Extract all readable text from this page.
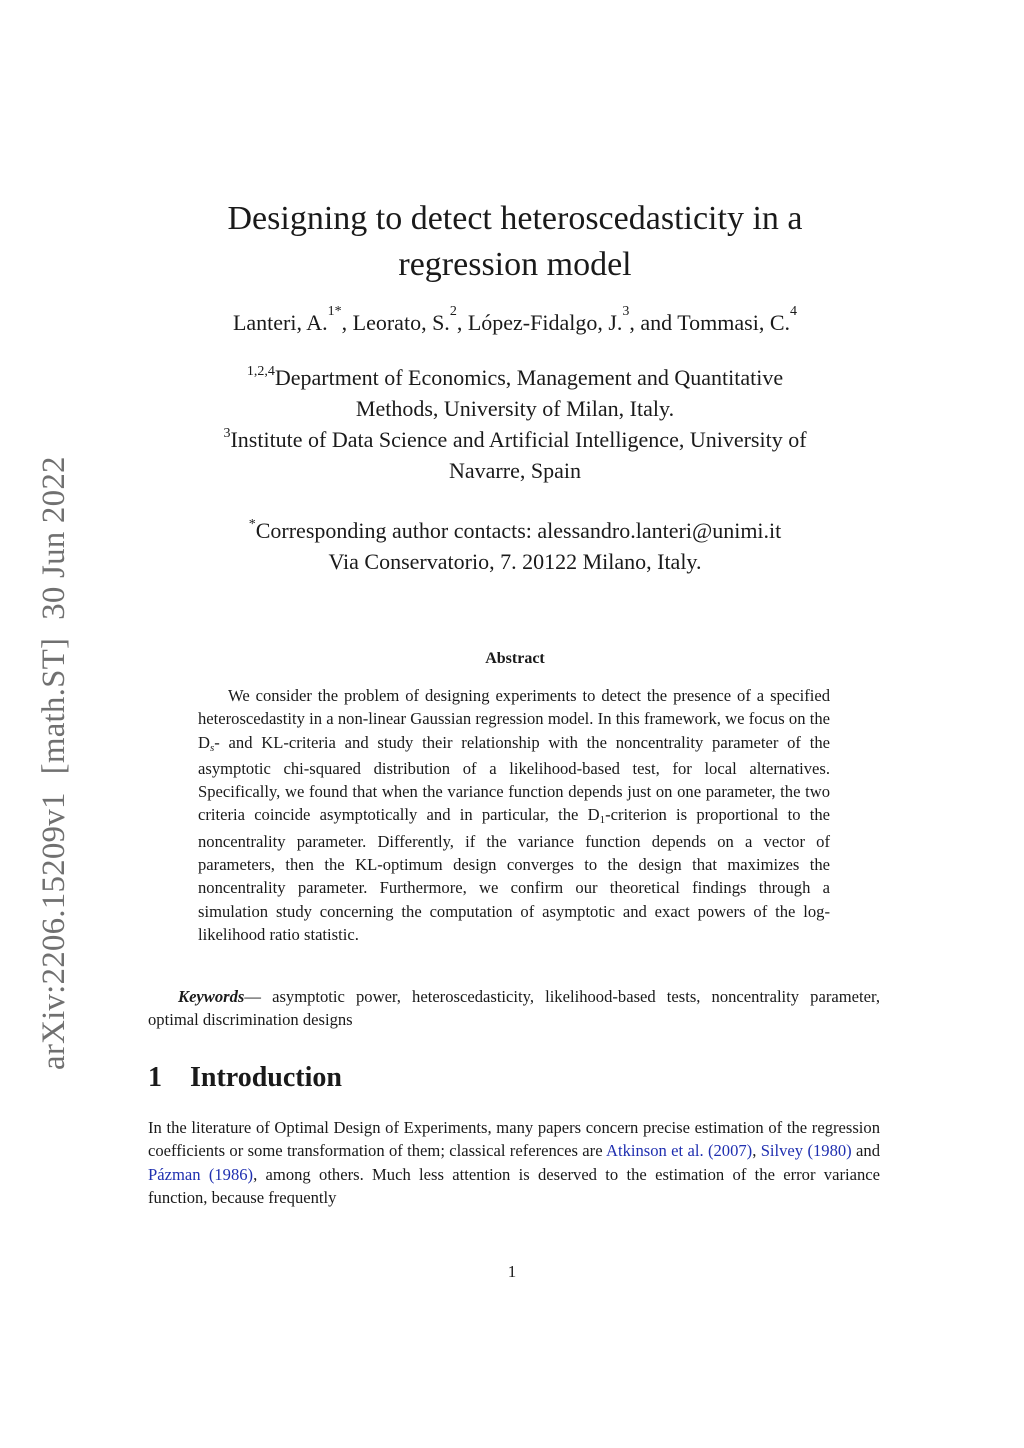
arXiv:2206.15209v1[math.ST]30 Jun 2022
Designing to detect heteroscedasticity in a
regression model
Lanteri, A.$^{1*}$, Leorato, S.$^2$, López-Fidalgo, J.$^3$, and Tommasi, C.$^4$
$^{1,2,4}$Department of Economics, Management and Quantitative
Methods, University of Milan, Italy.
$^3$Institute of Data Science and Artificial Intelligence, University of
Navarre, Spain
*Corresponding author contacts: alessandro.lanteri@unimi.it
Via Conservatorio, 7. 20122 Milano, Italy.
Abstract

We consider the problem of designing experiments to detect the presence of a specified heteroscedastity in a non-linear Gaussian regression model. In this framework, we focus on the Ds- and KL-criteria and study their relationship with the noncentrality parameter of the asymptotic chi-squared distribution of a likelihood-based test, for local alternatives. Specifically, we found that when the variance function depends just on one parameter, the two criteria coincide asymptotically and in particular, the D1-criterion is proportional to the noncentrality parameter. Differently, if the variance function depends on a vector of parameters, then the KL-optimum design converges to the design that maximizes the noncentrality parameter. Furthermore, we confirm our theoretical findings through a simulation study concerning the computation of asymptotic and exact powers of the log-likelihood ratio statistic.

Keywords— asymptotic power, heteroscedasticity, likelihood-based tests, noncentrality parameter, optimal discrimination designs

1 Introduction

In the literature of Optimal Design of Experiments, many papers concern precise estimation of the regression coefficients or some transformation of them; classical references are Atkinson et al. (2007), Silvey (1980) and Pázman (1986), among others. Much less attention is deserved to the estimation of the error variance function, because frequently

1
